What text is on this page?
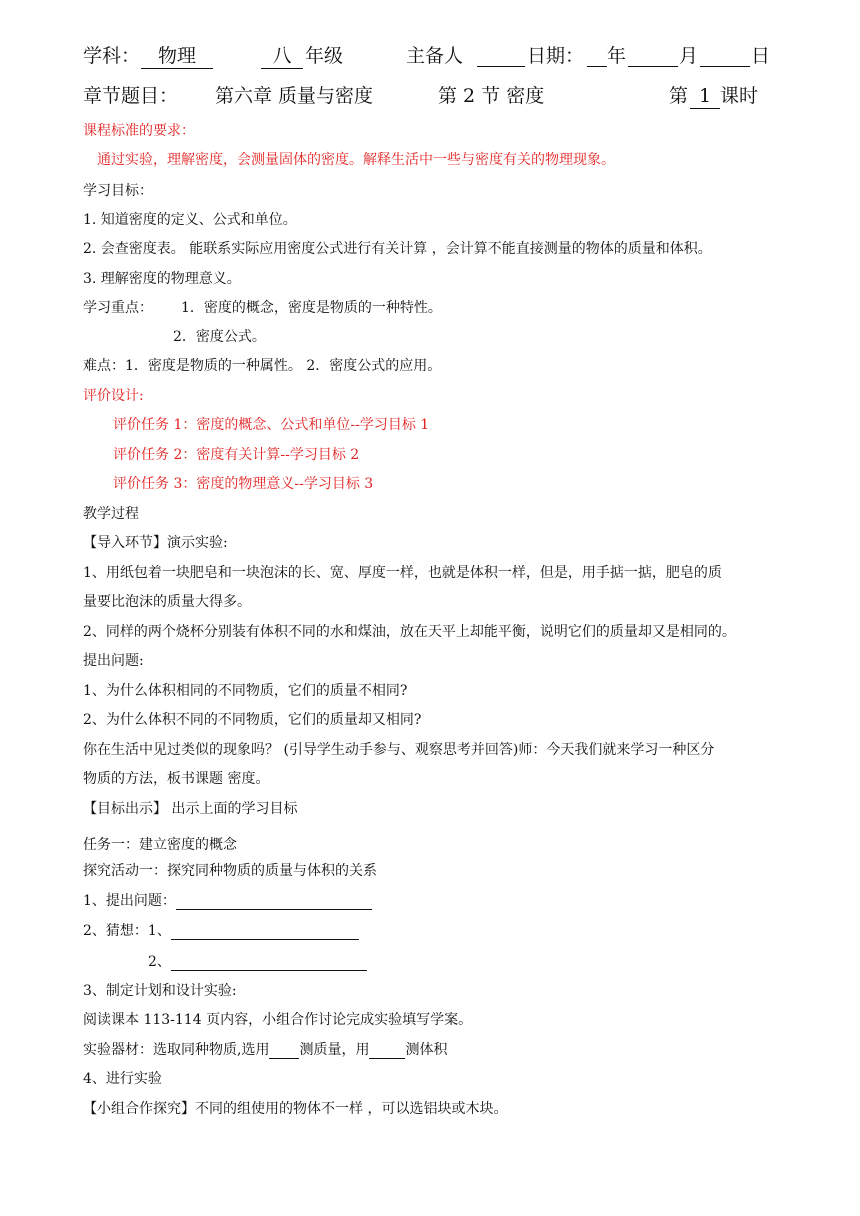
学科： 物理	八 年级	主备人	日期： 年	月	日
章节题目： 第六章 质量与密度	第 2 节 密度	第 1 课时
课程标准的要求：
通过实验，理解密度，会测量固体的密度。解释生活中一些与密度有关的物理现象。
学习目标：
1. 知道密度的定义、公式和单位。
2. 会查密度表。 能联系实际应用密度公式进行有关计算 ，会计算不能直接测量的物体的质量和体积。
3. 理解密度的物理意义。
学习重点： 1．密度的概念，密度是物质的一种特性。
2．密度公式。
难点：1．密度是物质的一种属性。 2．密度公式的应用。
评价设计:
评价任务 1：密度的概念、公式和单位--学习目标 1
评价任务 2：密度有关计算--学习目标 2
评价任务 3：密度的物理意义--学习目标 3
教学过程
【导入环节】演示实验:
1、用纸包着一块肥皂和一块泡沫的长、宽、厚度一样，也就是体积一样，但是，用手掂一掂，肥皂的质
量要比泡沫的质量大得多。
2、同样的两个烧杯分别装有体积不同的水和煤油，放在天平上却能平衡，说明它们的质量却又是相同的。
提出问题:
1、为什么体积相同的不同物质，它们的质量不相同?
2、为什么体积不同的不同物质，它们的质量却又相同?
你在生活中见过类似的现象吗？ (引导学生动手参与、观察思考并回答)师：今天我们就来学习一种区分
物质的方法，板书课题 密度。
【目标出示】 出示上面的学习目标
任务一：建立密度的概念
探究活动一：探究同种物质的质量与体积的关系
1、提出问题：
2、猜想：1、
2、
3、制定计划和设计实验:
阅读课本 113-114 页内容，小组合作讨论完成实验填写学案。
实验器材：选取同种物质,选用 测质量，用	测体积
4、进行实验
【小组合作探究】不同的组使用的物体不一样 ，可以选铝块或木块。
